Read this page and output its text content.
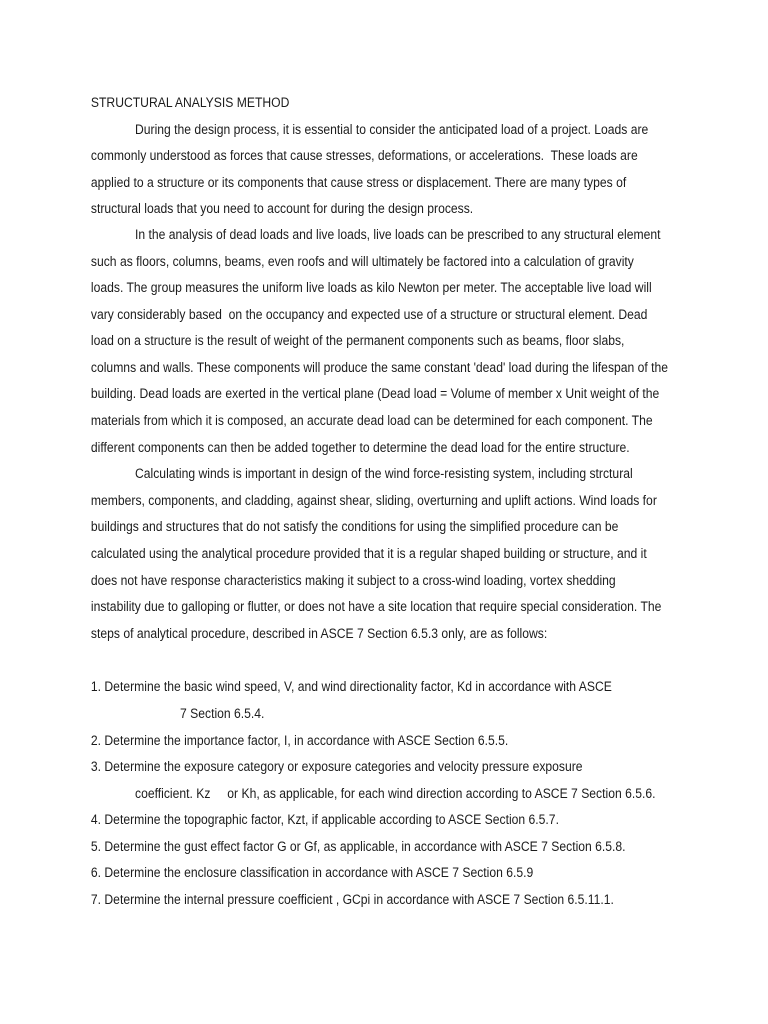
STRUCTURAL ANALYSIS METHOD
During the design process, it is essential to consider the anticipated load of a project. Loads are
commonly understood as forces that cause stresses, deformations, or accelerations.  These loads are
applied to a structure or its components that cause stress or displacement. There are many types of
structural loads that you need to account for during the design process.
In the analysis of dead loads and live loads, live loads can be prescribed to any structural element
such as floors, columns, beams, even roofs and will ultimately be factored into a calculation of gravity
loads. The group measures the uniform live loads as kilo Newton per meter. The acceptable live load will
vary considerably based  on the occupancy and expected use of a structure or structural element. Dead
load on a structure is the result of weight of the permanent components such as beams, floor slabs,
columns and walls. These components will produce the same constant 'dead' load during the lifespan of the
building. Dead loads are exerted in the vertical plane (Dead load = Volume of member x Unit weight of the
materials from which it is composed, an accurate dead load can be determined for each component. The
different components can then be added together to determine the dead load for the entire structure.
Calculating winds is important in design of the wind force-resisting system, including strctural
members, components, and cladding, against shear, sliding, overturning and uplift actions. Wind loads for
buildings and structures that do not satisfy the conditions for using the simplified procedure can be
calculated using the analytical procedure provided that it is a regular shaped building or structure, and it
does not have response characteristics making it subject to a cross-wind loading, vortex shedding
instability due to galloping or flutter, or does not have a site location that require special consideration. The
steps of analytical procedure, described in ASCE 7 Section 6.5.3 only, are as follows:
1. Determine the basic wind speed, V, and wind directionality factor, Kd in accordance with ASCE
7 Section 6.5.4.
2. Determine the importance factor, I, in accordance with ASCE Section 6.5.5.
3. Determine the exposure category or exposure categories and velocity pressure exposure
coefficient. Kz     or Kh, as applicable, for each wind direction according to ASCE 7 Section 6.5.6.
4. Determine the topographic factor, Kzt, if applicable according to ASCE Section 6.5.7.
5. Determine the gust effect factor G or Gf, as applicable, in accordance with ASCE 7 Section 6.5.8.
6. Determine the enclosure classification in accordance with ASCE 7 Section 6.5.9
7. Determine the internal pressure coefficient , GCpi in accordance with ASCE 7 Section 6.5.11.1.
